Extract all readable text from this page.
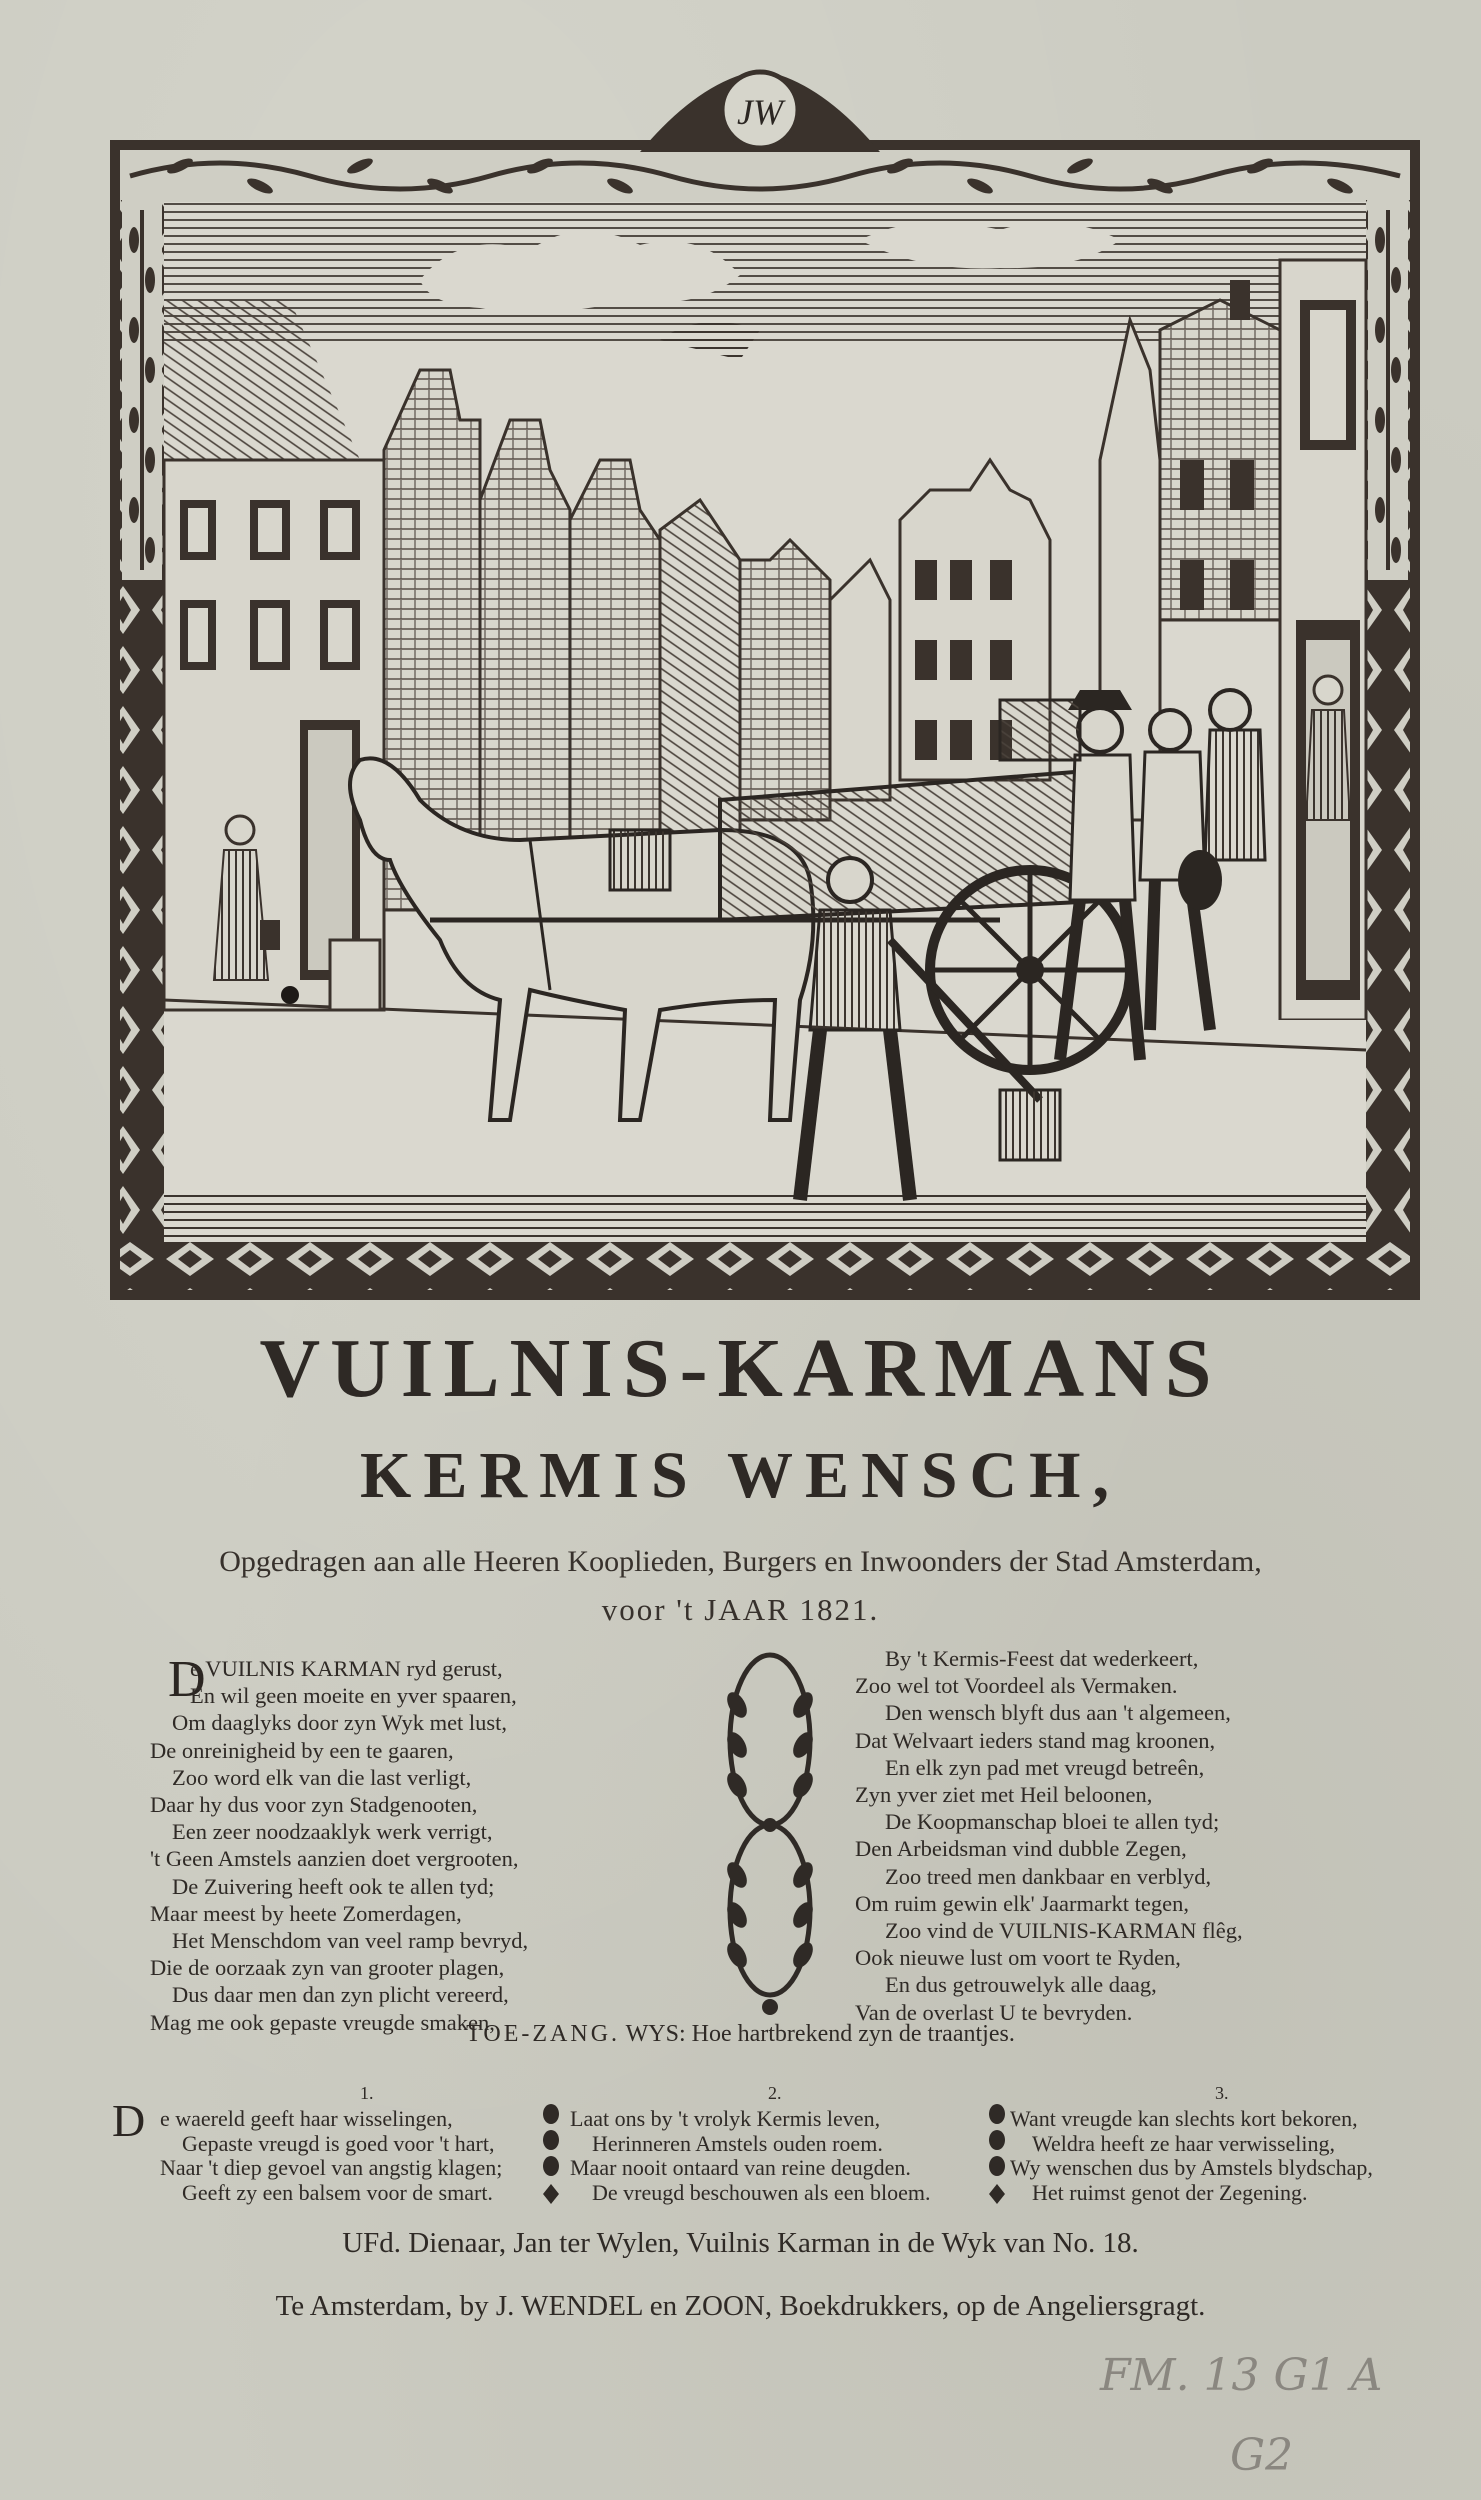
JW
VUILNIS-KARMANS
KERMIS WENSCH,
Opgedragen aan alle Heeren Kooplieden, Burgers en Inwoonders der Stad Amsterdam,
voor 't JAAR 1821.
D
e VUILNIS KARMAN ryd gerust,
En wil geen moeite en yver spaaren,
Om daaglyks door zyn Wyk met lust,
De onreinigheid by een te gaaren,
Zoo word elk van die last verligt,
Daar hy dus voor zyn Stadgenooten,
Een zeer noodzaaklyk werk verrigt,
't Geen Amstels aanzien doet vergrooten,
De Zuivering heeft ook te allen tyd;
Maar meest by heete Zomerdagen,
Het Menschdom van veel ramp bevryd,
Die de oorzaak zyn van grooter plagen,
Dus daar men dan zyn plicht vereerd,
Mag me ook gepaste vreugde smaken,
By 't Kermis-Feest dat wederkeert,
Zoo wel tot Voordeel als Vermaken.
Den wensch blyft dus aan 't algemeen,
Dat Welvaart ieders stand mag kroonen,
En elk zyn pad met vreugd betreên,
Zyn yver ziet met Heil beloonen,
De Koopmanschap bloei te allen tyd;
Den Arbeidsman vind dubble Zegen,
Zoo treed men dankbaar en verblyd,
Om ruim gewin elk' Jaarmarkt tegen,
Zoo vind de VUILNIS-KARMAN flêg,
Ook nieuwe lust om voort te Ryden,
En dus getrouwelyk alle daag,
Van de overlast U te bevryden.
TOE-ZANG. WYS: Hoe hartbrekend zyn de traantjes.
D
1.
e waereld geeft haar wisselingen,
Gepaste vreugd is goed voor 't hart,
Naar 't diep gevoel van angstig klagen;
Geeft zy een balsem voor de smart.
2.
Laat ons by 't vrolyk Kermis leven,
Herinneren Amstels ouden roem.
Maar nooit ontaard van reine deugden.
De vreugd beschouwen als een bloem.
3.
Want vreugde kan slechts kort bekoren,
Weldra heeft ze haar verwisseling,
Wy wenschen dus by Amstels blydschap,
Het ruimst genot der Zegening.
UFd. Dienaar, Jan ter Wylen, Vuilnis Karman in de Wyk van No. 18.
Te Amsterdam, by J. WENDEL en ZOON, Boekdrukkers, op de Angeliersgragt.
FM. 13 G1 A
G2
